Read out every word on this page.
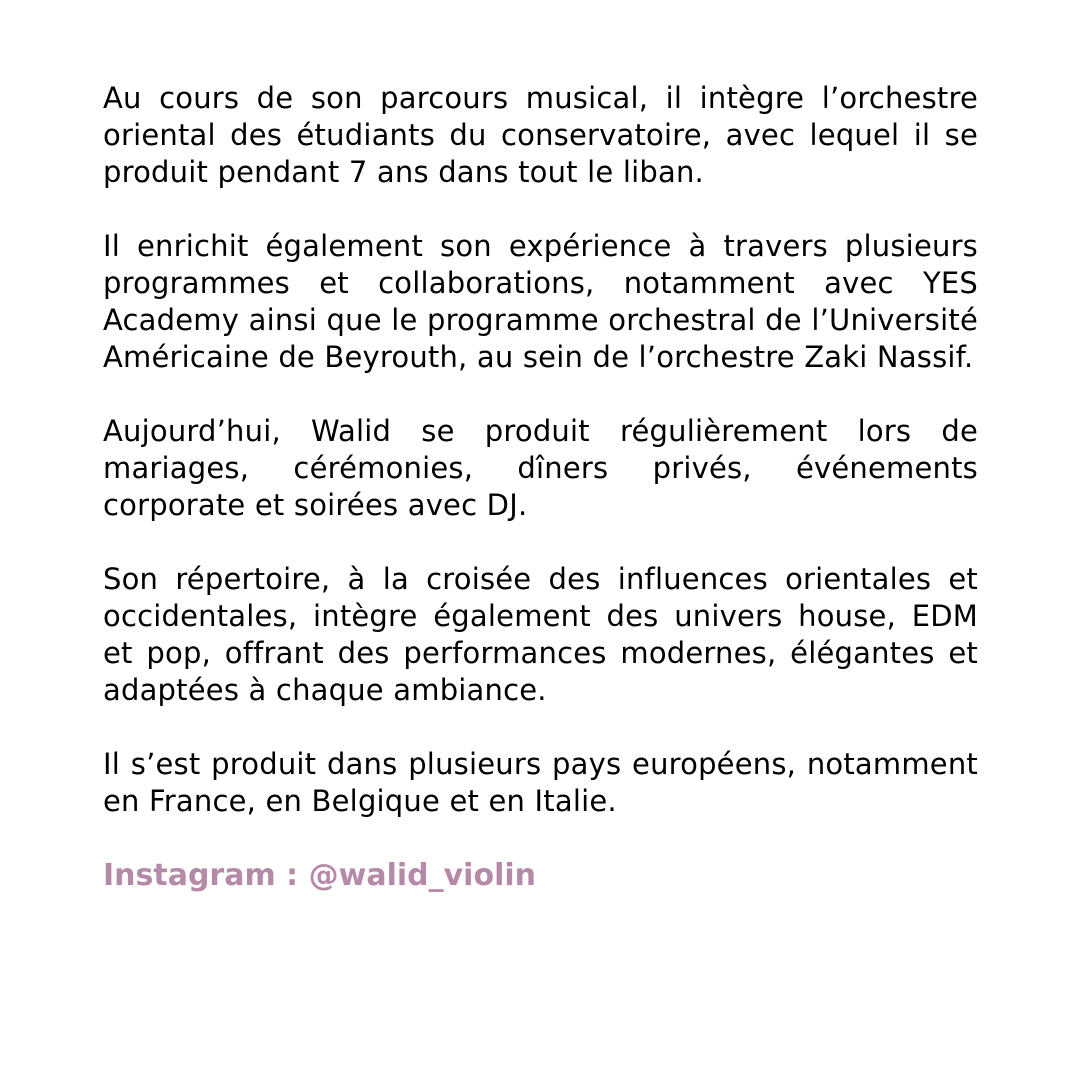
Au cours de son parcours musical, il intègre l’orchestre oriental des étudiants du conservatoire, avec lequel il se produit pendant 7 ans dans tout le liban.

Il enrichit également son expérience à travers plusieurs programmes et collaborations, notamment avec YES Academy ainsi que le programme orchestral de l’Université Américaine de Beyrouth, au sein de l’orchestre Zaki Nassif.

Aujourd’hui, Walid se produit régulièrement lors de mariages, cérémonies, dîners privés, événements corporate et soirées avec DJ.

Son répertoire, à la croisée des influences orientales et occidentales, intègre également des univers house, EDM et pop, offrant des performances modernes, élégantes et adaptées à chaque ambiance.

Il s’est produit dans plusieurs pays européens, notamment en France, en Belgique et en Italie.

Instagram : @walid_violin
